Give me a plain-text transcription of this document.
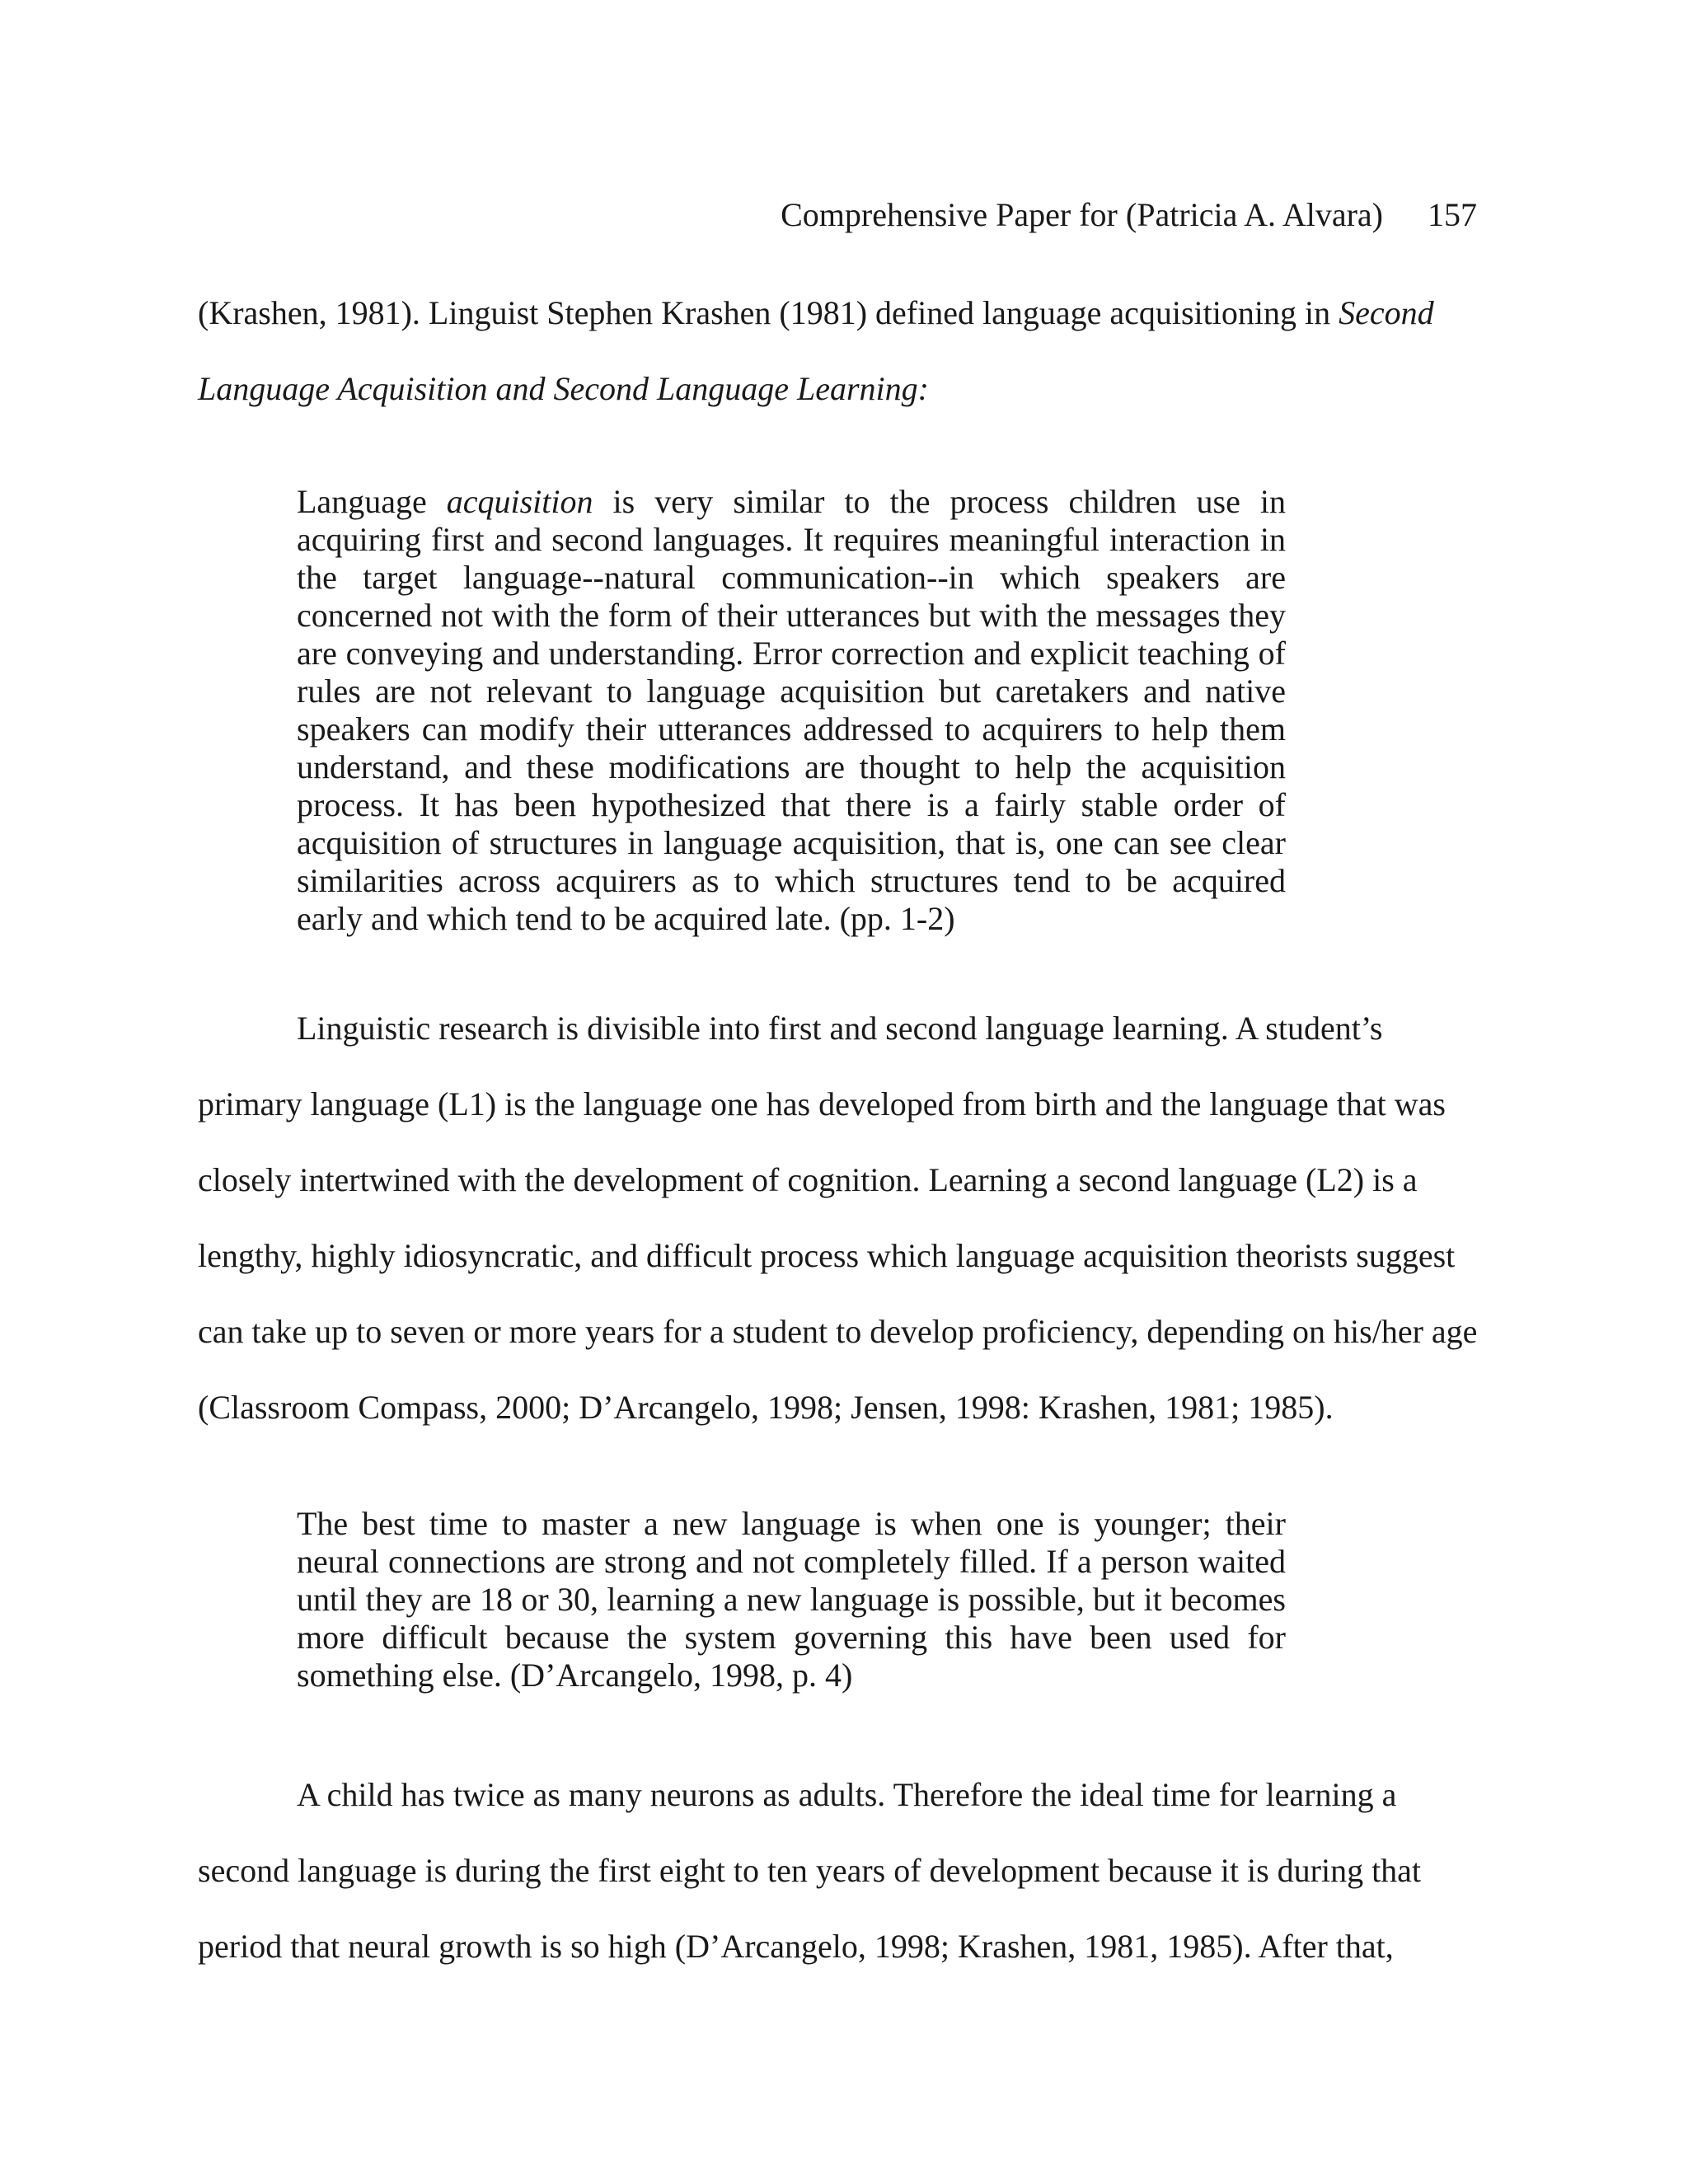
Comprehensive Paper for (Patricia A. Alvara) 157

(Krashen, 1981). Linguist Stephen Krashen (1981) defined language acquisitioning in Second Language Acquisition and Second Language Learning:

Language acquisition is very similar to the process children use in acquiring first and second languages. It requires meaningful interaction in the target language--natural communication--in which speakers are concerned not with the form of their utterances but with the messages they are conveying and understanding. Error correction and explicit teaching of rules are not relevant to language acquisition but caretakers and native speakers can modify their utterances addressed to acquirers to help them understand, and these modifications are thought to help the acquisition process. It has been hypothesized that there is a fairly stable order of acquisition of structures in language acquisition, that is, one can see clear similarities across acquirers as to which structures tend to be acquired early and which tend to be acquired late. (pp. 1-2)

Linguistic research is divisible into first and second language learning. A student’s primary language (L1) is the language one has developed from birth and the language that was closely intertwined with the development of cognition. Learning a second language (L2) is a lengthy, highly idiosyncratic, and difficult process which language acquisition theorists suggest can take up to seven or more years for a student to develop proficiency, depending on his/her age (Classroom Compass, 2000; D’Arcangelo, 1998; Jensen, 1998: Krashen, 1981; 1985).

The best time to master a new language is when one is younger; their neural connections are strong and not completely filled. If a person waited until they are 18 or 30, learning a new language is possible, but it becomes more difficult because the system governing this have been used for something else. (D’Arcangelo, 1998, p. 4)

A child has twice as many neurons as adults. Therefore the ideal time for learning a second language is during the first eight to ten years of development because it is during that period that neural growth is so high (D’Arcangelo, 1998; Krashen, 1981, 1985). After that,
